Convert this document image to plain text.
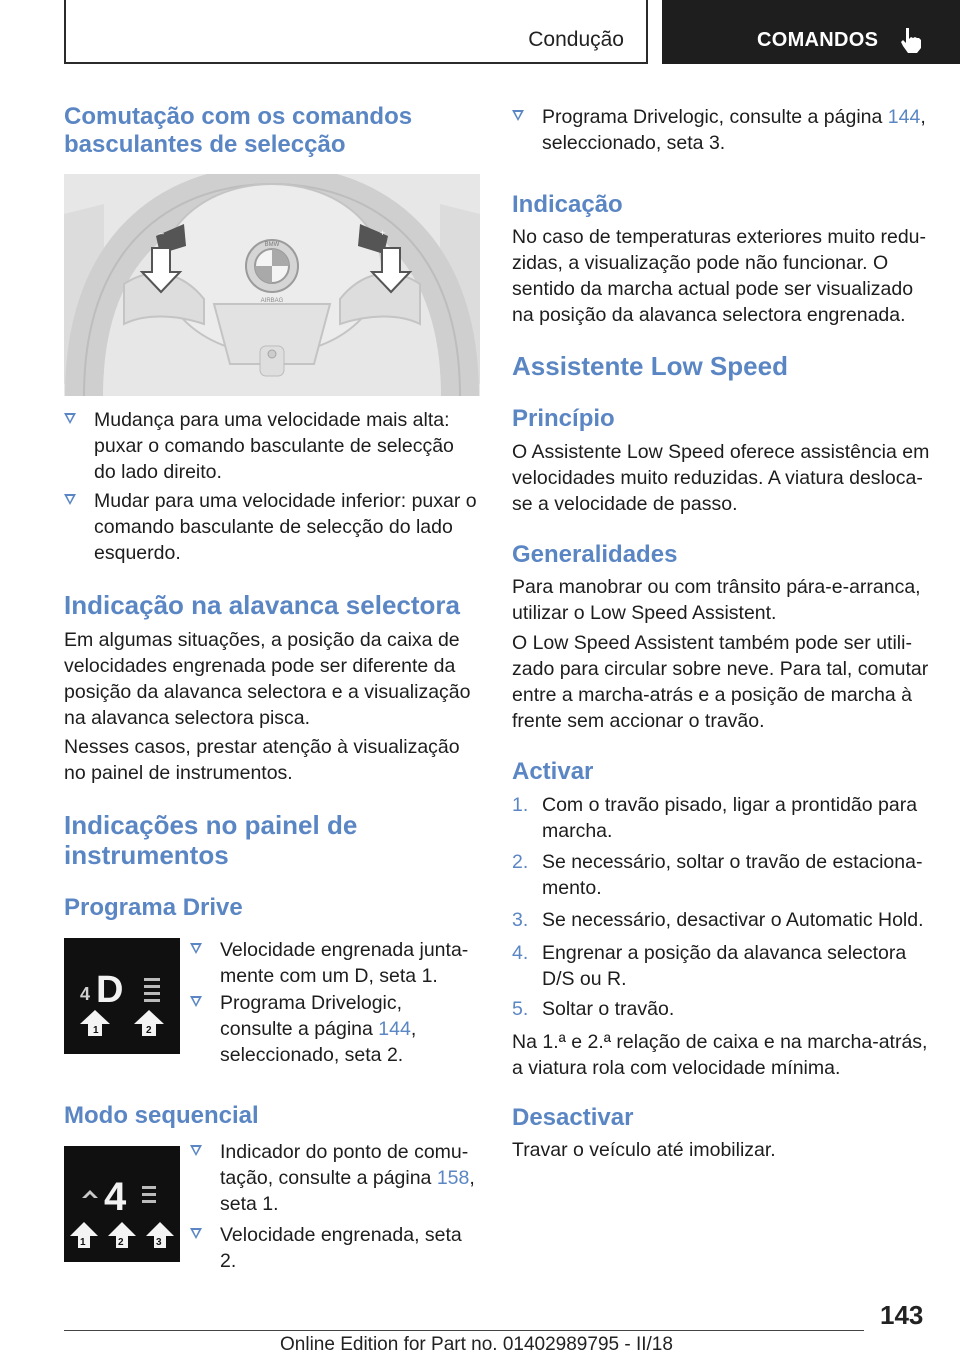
Condução	COMANDOS
Comutação com os comandos basculantes de selecção
BMW
AIRBAG
–	+
Mudança para uma velocidade mais alta: puxar o comando basculante de selecção do lado direito.
Mudar para uma velocidade inferior: puxar o comando basculante de selecção do lado esquerdo.
Indicação na alavanca selectora

Em algumas situações, a posição da caixa de velocidades engrenada pode ser diferente da posição da alavanca selectora e a visualização na alavanca selectora pisca.

Nesses casos, prestar atenção à visualização no painel de instrumentos.

Indicações no painel de instrumentos
Programa Drive
4 D
1	2
Velocidade engrenada juntamente com um D, seta 1.
Programa Drivelogic, consulte a página 144, seleccionado, seta 2.
Modo sequencial
4
1	2	3
Indicador do ponto de comutação, consulte a página 158, seta 1.
Velocidade engrenada, seta 2.
Programa Drivelogic, consulte a página 144, seleccionado, seta 3.
Indicação

No caso de temperaturas exteriores muito reduzidas, a visualização pode não funcionar. O sentido da marcha actual pode ser visualizado na posição da alavanca selectora engrenada.

Assistente Low Speed
Princípio

O Assistente Low Speed oferece assistência em velocidades muito reduzidas. A viatura desloca-se a velocidade de passo.

Generalidades

Para manobrar ou com trânsito pára-e-arranca, utilizar o Low Speed Assistent.

O Low Speed Assistent também pode ser utilizado para circular sobre neve. Para tal, comutar entre a marcha-atrás e a posição de marcha à frente sem accionar o travão.

Activar
1. Com o travão pisado, ligar a prontidão para marcha.
2. Se necessário, soltar o travão de estacionamento.
3. Se necessário, desactivar o Automatic Hold.
4. Engrenar a posição da alavanca selectora D/S ou R.
5. Soltar o travão.

Na 1.ª e 2.ª relação de caixa e na marcha-atrás, a viatura rola com velocidade mínima.

Desactivar

Travar o veículo até imobilizar.

143
Online Edition for Part no. 01402989795 - II/18
